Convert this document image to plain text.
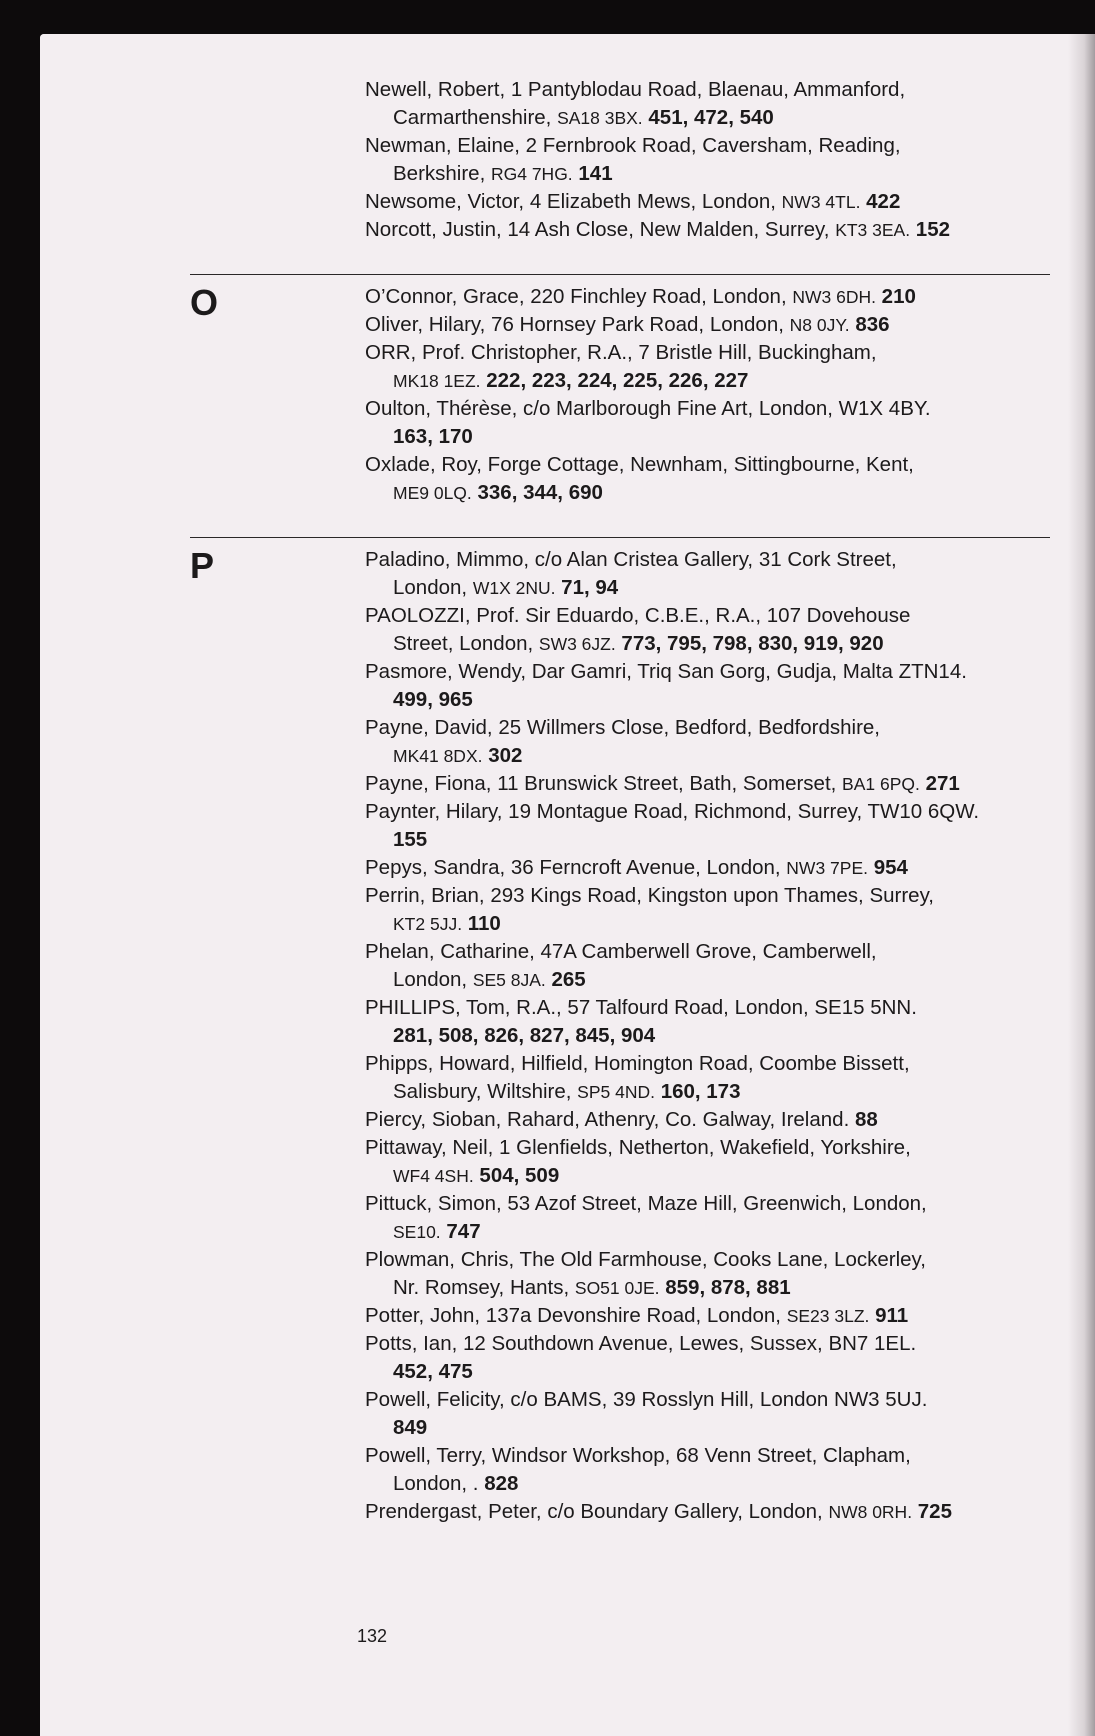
Newell, Robert, 1 Pantyblodau Road, Blaenau, Ammanford,
Carmarthenshire, SA18 3BX. 451, 472, 540
Newman, Elaine, 2 Fernbrook Road, Caversham, Reading,
Berkshire, RG4 7HG. 141
Newsome, Victor, 4 Elizabeth Mews, London, NW3 4TL. 422
Norcott, Justin, 14 Ash Close, New Malden, Surrey, KT3 3EA. 152
O	O’Connor, Grace, 220 Finchley Road, London, NW3 6DH. 210
Oliver, Hilary, 76 Hornsey Park Road, London, N8 0JY. 836
ORR, Prof. Christopher, R.A., 7 Bristle Hill, Buckingham,
MK18 1EZ. 222, 223, 224, 225, 226, 227
Oulton, Thérèse, c/o Marlborough Fine Art, London, W1X 4BY.
163, 170
Oxlade, Roy, Forge Cottage, Newnham, Sittingbourne, Kent,
ME9 0LQ. 336, 344, 690
P	Paladino, Mimmo, c/o Alan Cristea Gallery, 31 Cork Street,
London, W1X 2NU. 71, 94
PAOLOZZI, Prof. Sir Eduardo, C.B.E., R.A., 107 Dovehouse
Street, London, SW3 6JZ. 773, 795, 798, 830, 919, 920
Pasmore, Wendy, Dar Gamri, Triq San Gorg, Gudja, Malta ZTN14.
499, 965
Payne, David, 25 Willmers Close, Bedford, Bedfordshire,
MK41 8DX. 302
Payne, Fiona, 11 Brunswick Street, Bath, Somerset, BA1 6PQ. 271
Paynter, Hilary, 19 Montague Road, Richmond, Surrey, TW10 6QW.
155
Pepys, Sandra, 36 Ferncroft Avenue, London, NW3 7PE. 954
Perrin, Brian, 293 Kings Road, Kingston upon Thames, Surrey,
KT2 5JJ. 110
Phelan, Catharine, 47A Camberwell Grove, Camberwell,
London, SE5 8JA. 265
PHILLIPS, Tom, R.A., 57 Talfourd Road, London, SE15 5NN.
281, 508, 826, 827, 845, 904
Phipps, Howard, Hilfield, Homington Road, Coombe Bissett,
Salisbury, Wiltshire, SP5 4ND. 160, 173
Piercy, Sioban, Rahard, Athenry, Co. Galway, Ireland. 88
Pittaway, Neil, 1 Glenfields, Netherton, Wakefield, Yorkshire,
WF4 4SH. 504, 509
Pittuck, Simon, 53 Azof Street, Maze Hill, Greenwich, London,
SE10. 747
Plowman, Chris, The Old Farmhouse, Cooks Lane, Lockerley,
Nr. Romsey, Hants, SO51 0JE. 859, 878, 881
Potter, John, 137a Devonshire Road, London, SE23 3LZ. 911
Potts, Ian, 12 Southdown Avenue, Lewes, Sussex, BN7 1EL.
452, 475
Powell, Felicity, c/o BAMS, 39 Rosslyn Hill, London NW3 5UJ.
849
Powell, Terry, Windsor Workshop, 68 Venn Street, Clapham,
London, . 828
Prendergast, Peter, c/o Boundary Gallery, London, NW8 0RH. 725
132
